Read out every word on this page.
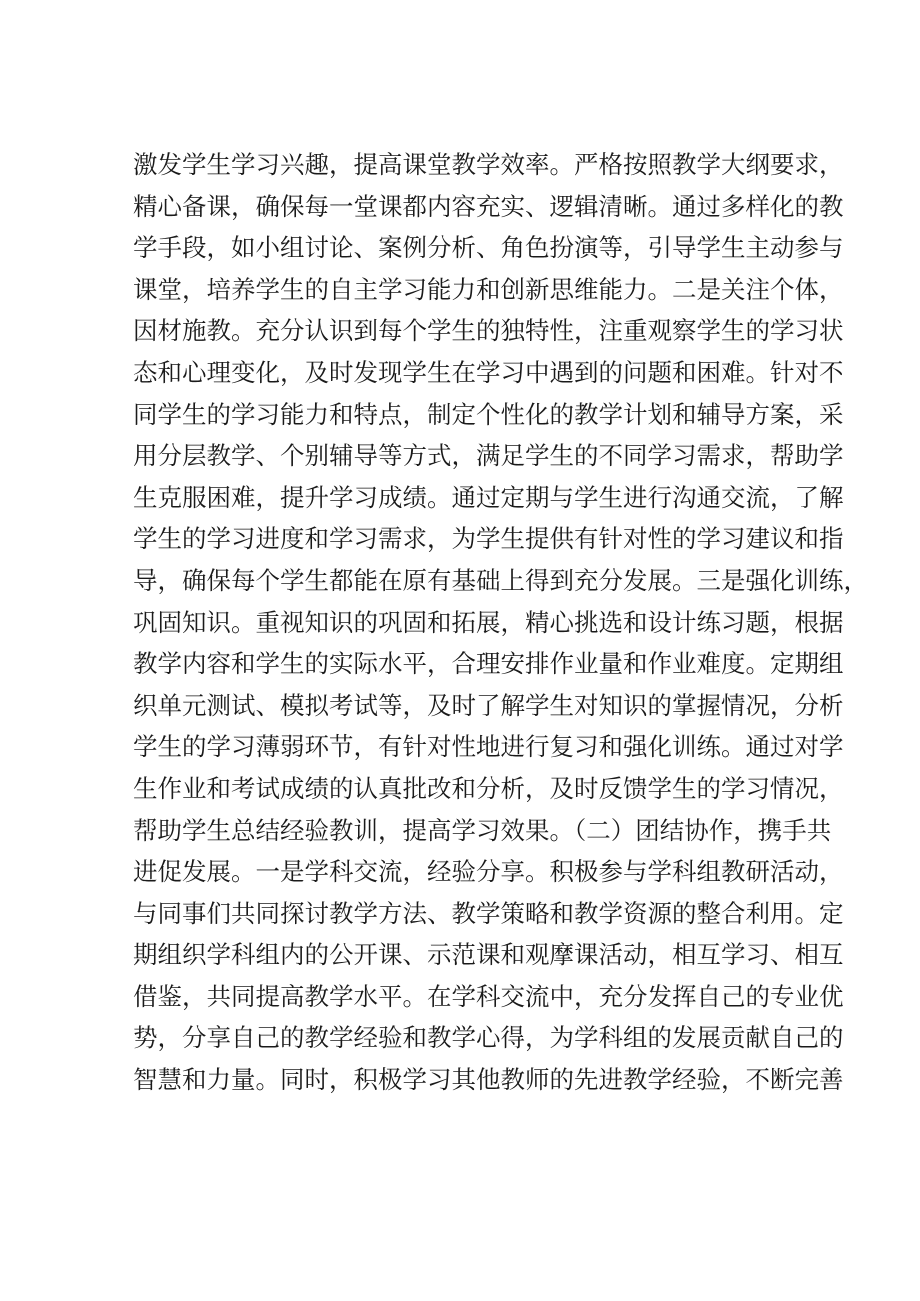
激发学生学习兴趣，提高课堂教学效率。严格按照教学大纲要求，
精心备课，确保每一堂课都内容充实、逻辑清晰。通过多样化的教
学手段，如小组讨论、案例分析、角色扮演等，引导学生主动参与
课堂，培养学生的自主学习能力和创新思维能力。二是关注个体，
因材施教。充分认识到每个学生的独特性，注重观察学生的学习状
态和心理变化，及时发现学生在学习中遇到的问题和困难。针对不
同学生的学习能力和特点，制定个性化的教学计划和辅导方案，采
用分层教学、个别辅导等方式，满足学生的不同学习需求，帮助学
生克服困难，提升学习成绩。通过定期与学生进行沟通交流，了解
学生的学习进度和学习需求，为学生提供有针对性的学习建议和指
导，确保每个学生都能在原有基础上得到充分发展。三是强化训练，
巩固知识。重视知识的巩固和拓展，精心挑选和设计练习题，根据
教学内容和学生的实际水平，合理安排作业量和作业难度。定期组
织单元测试、模拟考试等，及时了解学生对知识的掌握情况，分析
学生的学习薄弱环节，有针对性地进行复习和强化训练。通过对学
生作业和考试成绩的认真批改和分析，及时反馈学生的学习情况，
帮助学生总结经验教训，提高学习效果。（二）团结协作，携手共
进促发展。一是学科交流，经验分享。积极参与学科组教研活动，
与同事们共同探讨教学方法、教学策略和教学资源的整合利用。定
期组织学科组内的公开课、示范课和观摩课活动，相互学习、相互
借鉴，共同提高教学水平。在学科交流中，充分发挥自己的专业优
势，分享自己的教学经验和教学心得，为学科组的发展贡献自己的
智慧和力量。同时，积极学习其他教师的先进教学经验，不断完善
